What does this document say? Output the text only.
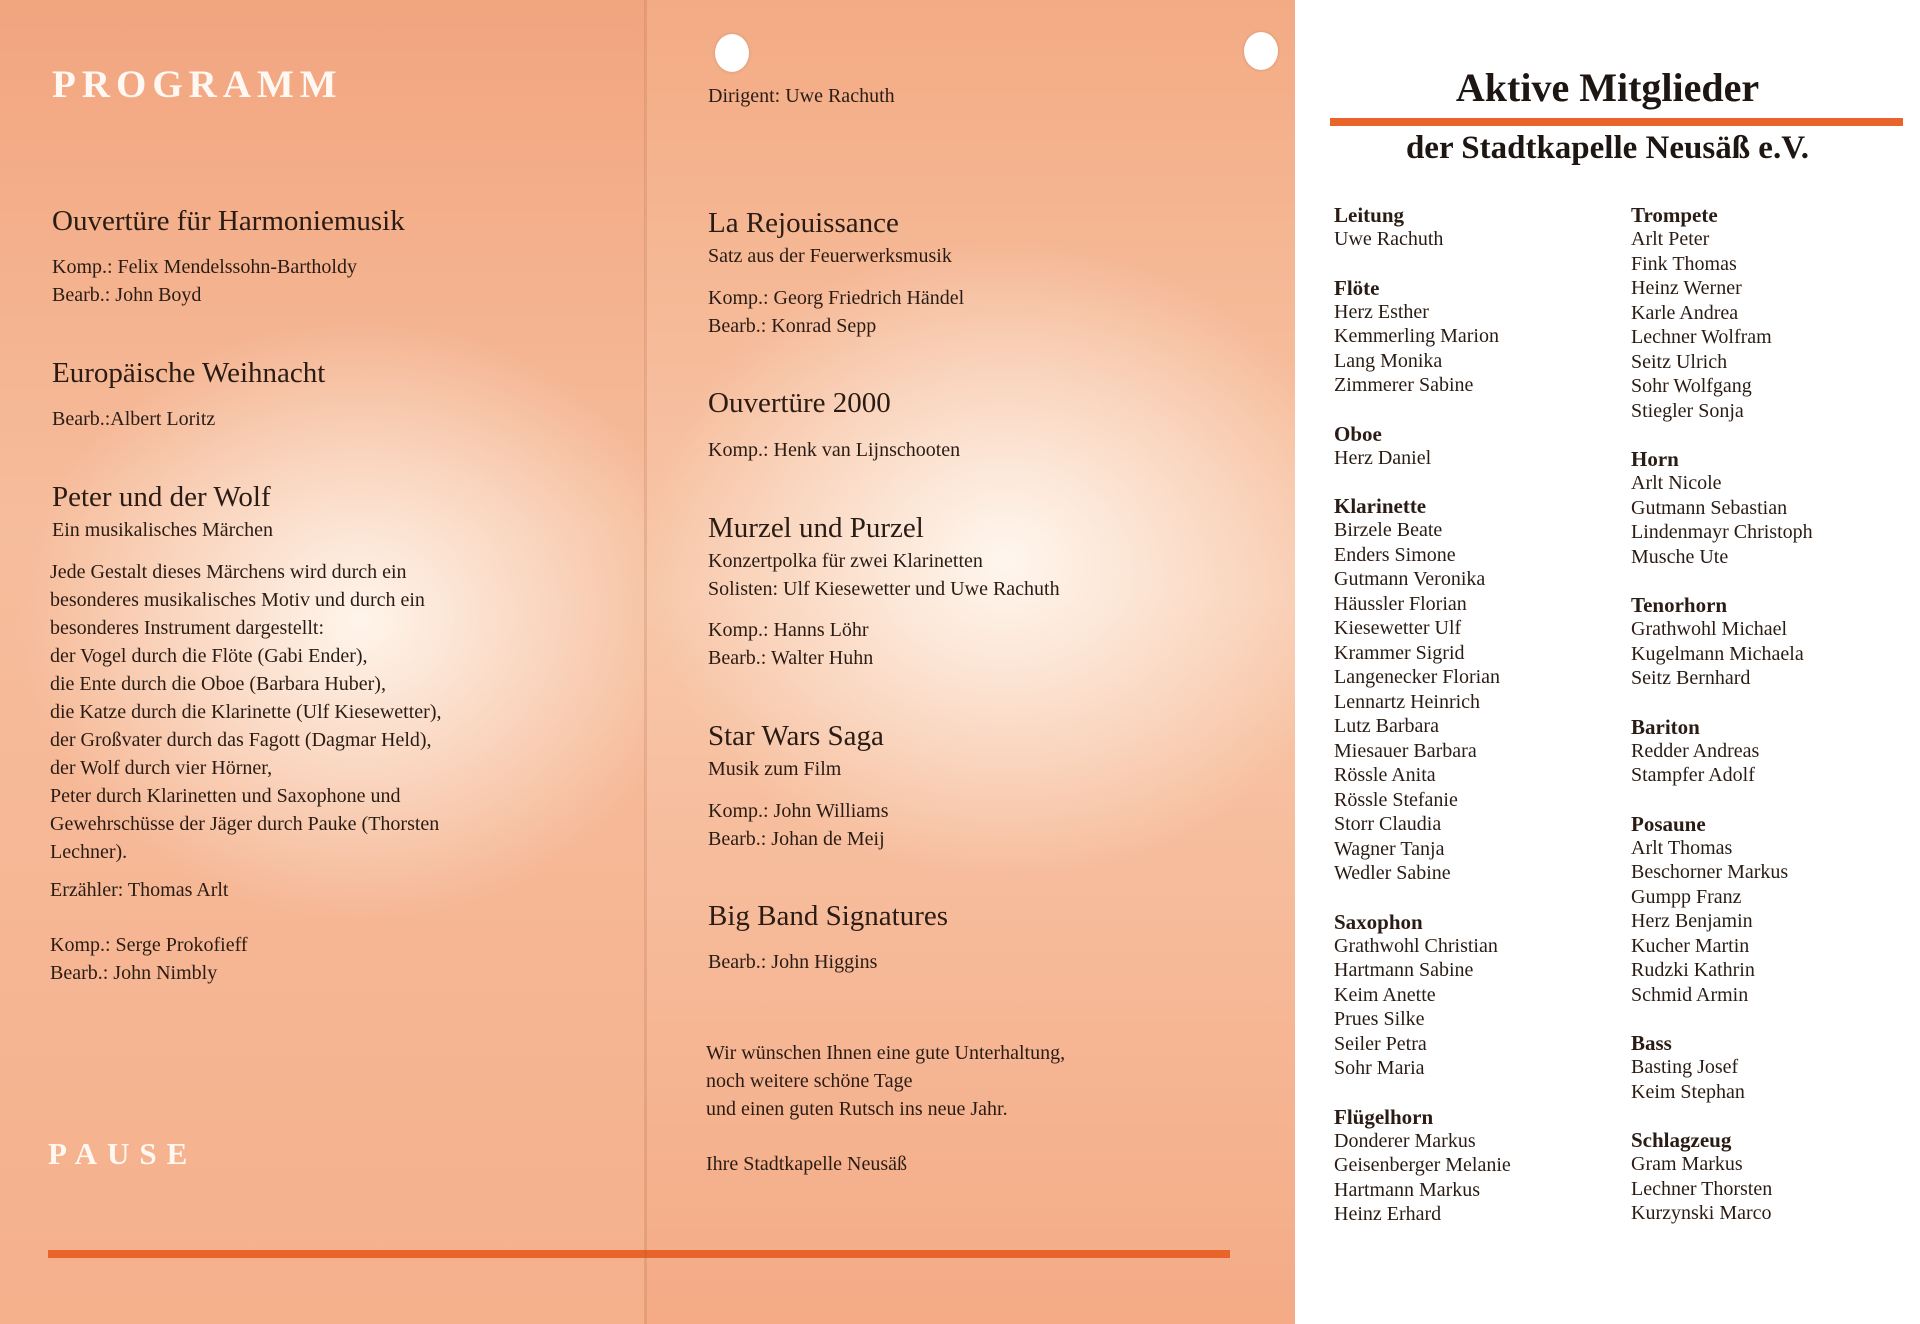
PROGRAMM
Ouvertüre für Harmoniemusik
Komp.: Felix Mendelssohn-Bartholdy
Bearb.: John Boyd
Europäische Weihnacht
Bearb.:Albert Loritz
Peter und der Wolf
Ein musikalisches Märchen
Jede Gestalt dieses Märchens wird durch ein
besonderes musikalisches Motiv und durch ein
besonderes Instrument dargestellt:
der Vogel durch die Flöte (Gabi Ender),
die Ente durch die Oboe (Barbara Huber),
die Katze durch die Klarinette (Ulf Kiesewetter),
der Großvater durch das Fagott (Dagmar Held),
der Wolf durch vier Hörner,
Peter durch Klarinetten und Saxophone und
Gewehrschüsse der Jäger durch Pauke (Thorsten
Lechner).
Erzähler: Thomas Arlt
Komp.: Serge Prokofieff
Bearb.: John Nimbly
PAUSE
Dirigent: Uwe Rachuth
La Rejouissance
Satz aus der Feuerwerksmusik
Komp.: Georg Friedrich Händel
Bearb.: Konrad Sepp
Ouvertüre 2000
Komp.: Henk van Lijnschooten
Murzel und Purzel
Konzertpolka für zwei Klarinetten
Solisten: Ulf Kiesewetter und Uwe Rachuth
Komp.: Hanns Löhr
Bearb.: Walter Huhn
Star Wars Saga
Musik zum Film
Komp.: John Williams
Bearb.: Johan de Meij
Big Band Signatures
Bearb.: John Higgins
Wir wünschen Ihnen eine gute Unterhaltung,
noch weitere schöne Tage
und einen guten Rutsch ins neue Jahr.
Ihre Stadtkapelle Neusäß
Aktive Mitglieder
der Stadtkapelle Neusäß e.V.
Leitung
Uwe Rachuth
Flöte
Herz Esther
Kemmerling Marion
Lang Monika
Zimmerer Sabine
Oboe
Herz Daniel
Klarinette
Birzele Beate
Enders Simone
Gutmann Veronika
Häussler Florian
Kiesewetter Ulf
Krammer Sigrid
Langenecker Florian
Lennartz Heinrich
Lutz Barbara
Miesauer Barbara
Rössle Anita
Rössle Stefanie
Storr Claudia
Wagner Tanja
Wedler Sabine
Saxophon
Grathwohl Christian
Hartmann Sabine
Keim Anette
Prues Silke
Seiler Petra
Sohr Maria
Flügelhorn
Donderer Markus
Geisenberger Melanie
Hartmann Markus
Heinz Erhard
Trompete
Arlt Peter
Fink Thomas
Heinz Werner
Karle Andrea
Lechner Wolfram
Seitz Ulrich
Sohr Wolfgang
Stiegler Sonja
Horn
Arlt Nicole
Gutmann Sebastian
Lindenmayr Christoph
Musche Ute
Tenorhorn
Grathwohl Michael
Kugelmann Michaela
Seitz Bernhard
Bariton
Redder Andreas
Stampfer Adolf
Posaune
Arlt Thomas
Beschorner Markus
Gumpp Franz
Herz Benjamin
Kucher Martin
Rudzki Kathrin
Schmid Armin
Bass
Basting Josef
Keim Stephan
Schlagzeug
Gram Markus
Lechner Thorsten
Kurzynski Marco
